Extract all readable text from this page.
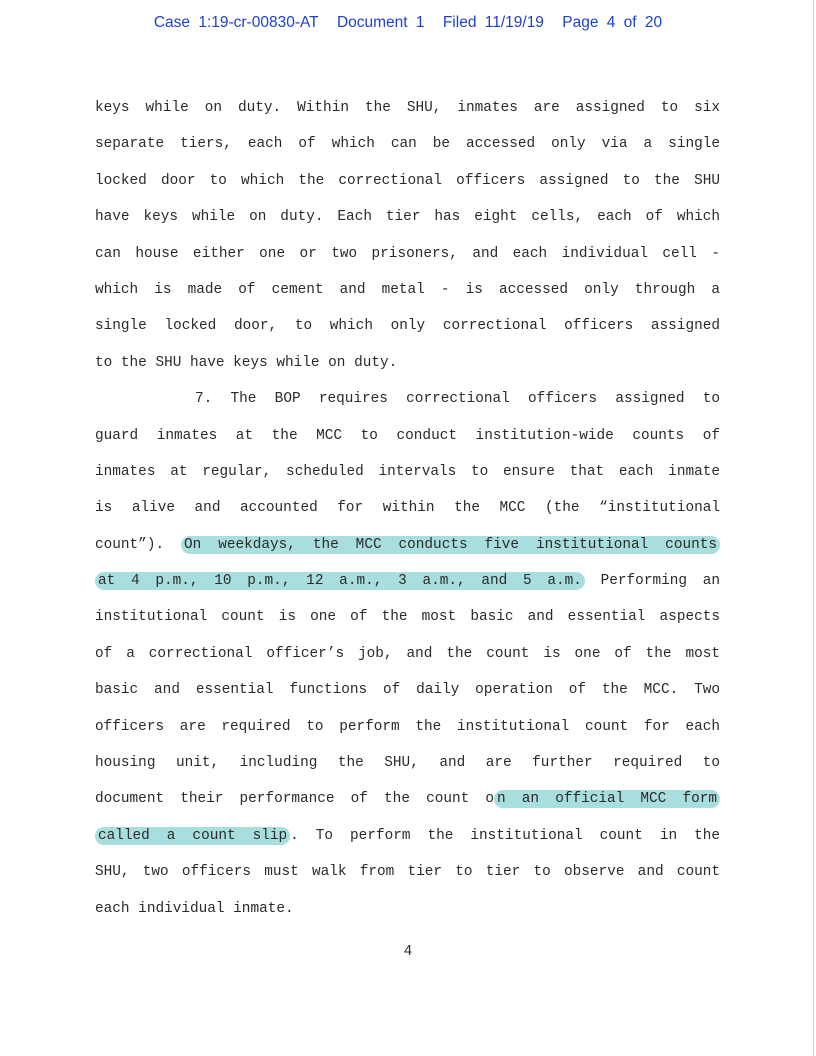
Case 1:19-cr-00830-AT Document 1 Filed 11/19/19 Page 4 of 20
keys while on duty. Within the SHU, inmates are assigned to six
separate tiers, each of which can be accessed only via a single
locked door to which the correctional officers assigned to the SHU
have keys while on duty. Each tier has eight cells, each of which
can house either one or two prisoners, and each individual cell -
which is made of cement and metal - is accessed only through a
single locked door, to which only correctional officers assigned
to the SHU have keys while on duty.
7. The BOP requires correctional officers assigned to
guard inmates at the MCC to conduct institution-wide counts of
inmates at regular, scheduled intervals to ensure that each inmate
is alive and accounted for within the MCC (the “institutional
count”). On weekdays, the MCC conducts five institutional counts
at 4 p.m., 10 p.m., 12 a.m., 3 a.m., and 5 a.m. Performing an
institutional count is one of the most basic and essential aspects
of a correctional officer’s job, and the count is one of the most
basic and essential functions of daily operation of the MCC. Two
officers are required to perform the institutional count for each
housing unit, including the SHU, and are further required to
document their performance of the count o n an official MCC form
called a count slip . To perform the institutional count in the
SHU, two officers must walk from tier to tier to observe and count
each individual inmate.
4
